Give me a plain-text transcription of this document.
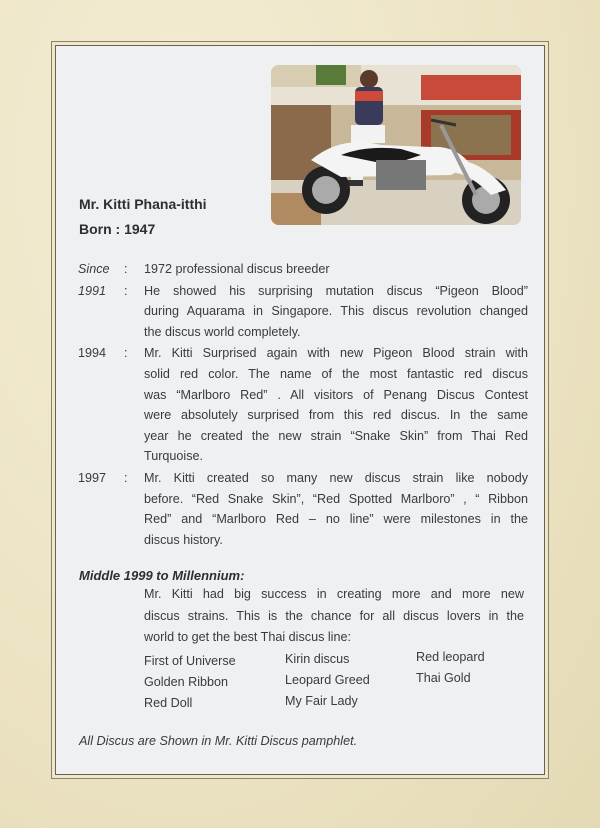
Mr. Kitti Phana-itthi
Born : 1947
Since	:	1972 professional discus breeder
1991	:	He showed his surprising mutation discus “Pigeon Blood”
during Aquarama in Singapore. This discus revolution changed
the discus world completely.
1994	:	Mr. Kitti Surprised again with new Pigeon Blood strain with
solid red color. The name of the most fantastic red discus
was “Marlboro Red” . All visitors of Penang Discus Contest
were absolutely surprised from this red discus. In the same
year he created the new strain “Snake Skin” from Thai Red
Turquoise.
1997	:	Mr. Kitti created so many new discus strain like nobody
before. “Red Snake Skin”, “Red Spotted Marlboro” , “ Ribbon
Red” and “Marlboro Red – no line” were milestones in the
discus history.
Middle 1999 to Millennium:
Mr. Kitti had big success in creating more and more new
discus strains. This is the chance for all discus lovers in the
world to get the best Thai discus line:
First of Universe	Kirin discus	Red leopard
Golden Ribbon	Leopard Greed	Thai Gold
Red Doll	My Fair Lady
All Discus are Shown in Mr. Kitti Discus pamphlet.
